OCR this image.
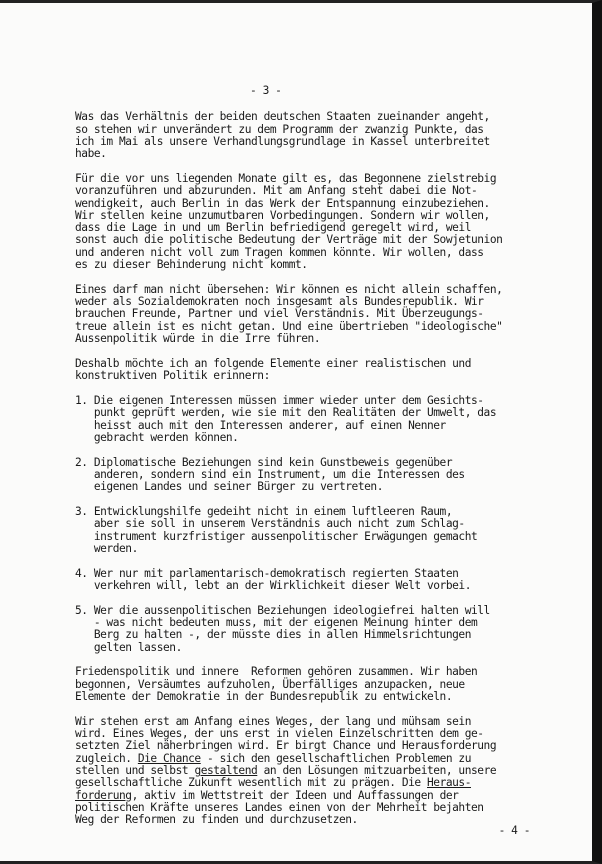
- 3 -
Was das Verhältnis der beiden deutschen Staaten zueinander angeht,
so stehen wir unverändert zu dem Programm der zwanzig Punkte, das
ich im Mai als unsere Verhandlungsgrundlage in Kassel unterbreitet
habe.
Für die vor uns liegenden Monate gilt es, das Begonnene zielstrebig
voranzuführen und abzurunden. Mit am Anfang steht dabei die Not-
wendigkeit, auch Berlin in das Werk der Entspannung einzubeziehen.
Wir stellen keine unzumutbaren Vorbedingungen. Sondern wir wollen,
dass die Lage in und um Berlin befriedigend geregelt wird, weil
sonst auch die politische Bedeutung der Verträge mit der Sowjetunion
und anderen nicht voll zum Tragen kommen könnte. Wir wollen, dass
es zu dieser Behinderung nicht kommt.
Eines darf man nicht übersehen: Wir können es nicht allein schaffen,
weder als Sozialdemokraten noch insgesamt als Bundesrepublik. Wir
brauchen Freunde, Partner und viel Verständnis. Mit Überzeugungs-
treue allein ist es nicht getan. Und eine übertrieben "ideologische"
Aussenpolitik würde in die Irre führen.
Deshalb möchte ich an folgende Elemente einer realistischen und
konstruktiven Politik erinnern:
1. Die eigenen Interessen müssen immer wieder unter dem Gesichts-
punkt geprüft werden, wie sie mit den Realitäten der Umwelt, das
heisst auch mit den Interessen anderer, auf einen Nenner
gebracht werden können.
2. Diplomatische Beziehungen sind kein Gunstbeweis gegenüber
anderen, sondern sind ein Instrument, um die Interessen des
eigenen Landes und seiner Bürger zu vertreten.
3. Entwicklungshilfe gedeiht nicht in einem luftleeren Raum,
aber sie soll in unserem Verständnis auch nicht zum Schlag-
instrument kurzfristiger aussenpolitischer Erwägungen gemacht
werden.
4. Wer nur mit parlamentarisch-demokratisch regierten Staaten
verkehren will, lebt an der Wirklichkeit dieser Welt vorbei.
5. Wer die aussenpolitischen Beziehungen ideologiefrei halten will
- was nicht bedeuten muss, mit der eigenen Meinung hinter dem
Berg zu halten -, der müsste dies in allen Himmelsrichtungen
gelten lassen.
Friedenspolitik und innere  Reformen gehören zusammen. Wir haben
begonnen, Versäumtes aufzuholen, Überfälliges anzupacken, neue
Elemente der Demokratie in der Bundesrepublik zu entwickeln.
Wir stehen erst am Anfang eines Weges, der lang und mühsam sein
wird. Eines Weges, der uns erst in vielen Einzelschritten dem ge-
setzten Ziel näherbringen wird. Er birgt Chance und Herausforderung
zugleich. Die Chance - sich den gesellschaftlichen Problemen zu
stellen und selbst gestaltend an den Lösungen mitzuarbeiten, unsere
gesellschaftliche Zukunft wesentlich mit zu prägen. Die Heraus-
forderung, aktiv im Wettstreit der Ideen und Auffassungen der
politischen Kräfte unseres Landes einen von der Mehrheit bejahten
Weg der Reformen zu finden und durchzusetzen.
- 4 -
